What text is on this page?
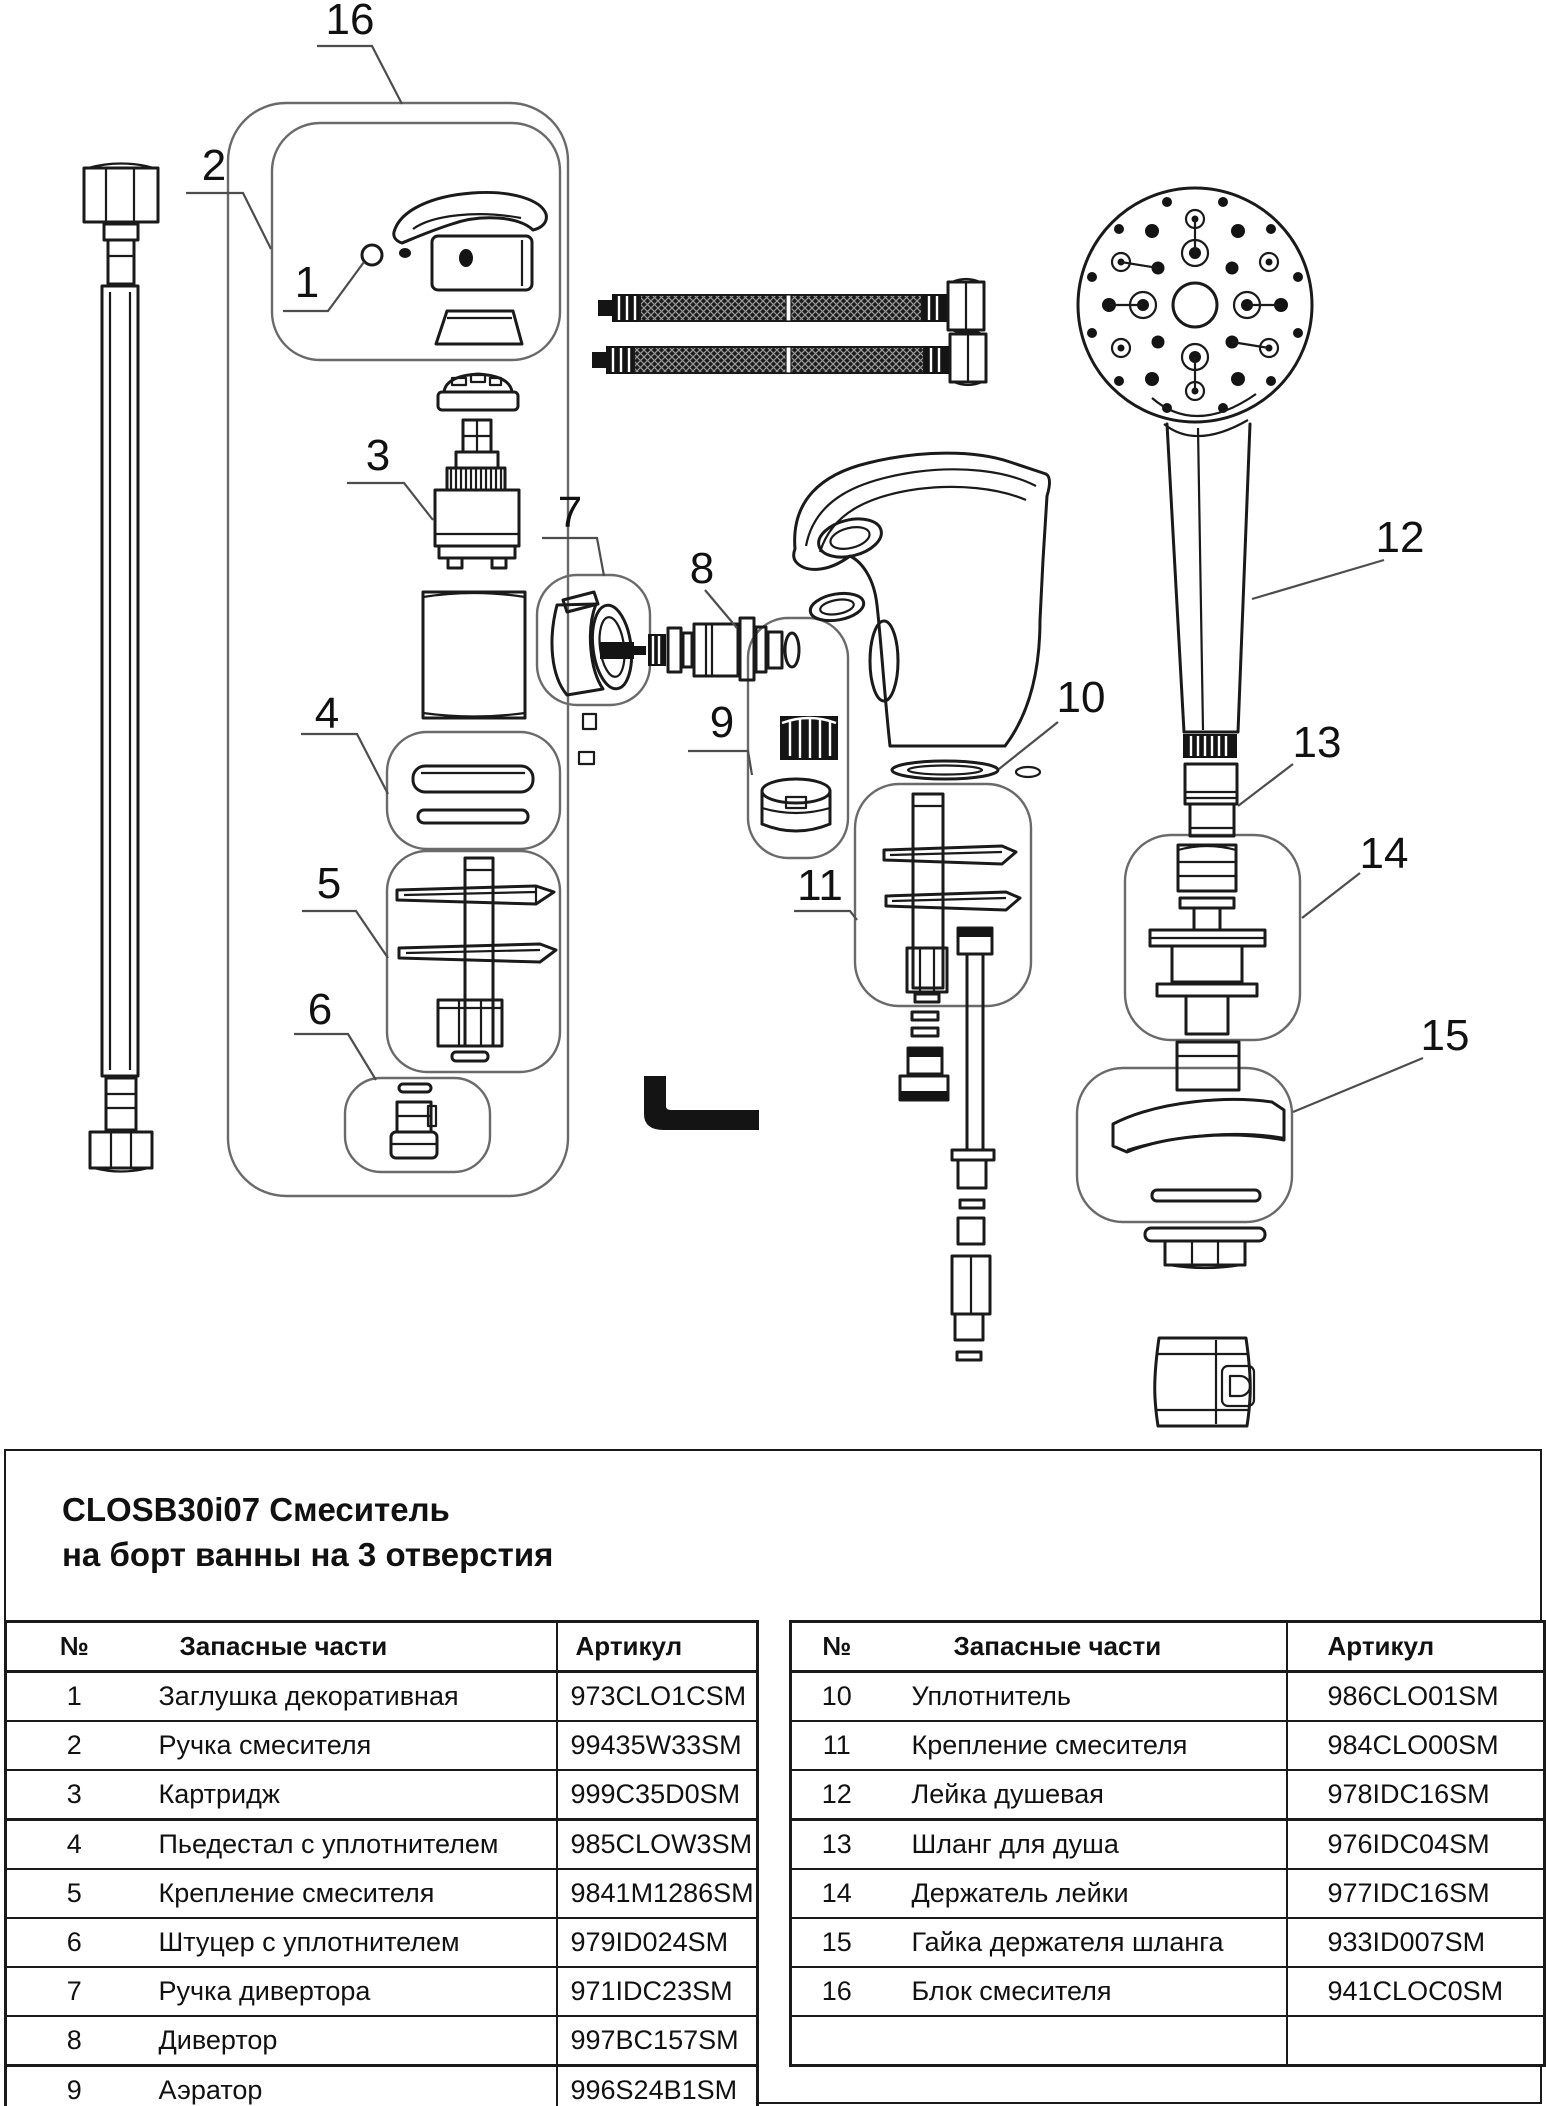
1
2
3
4
5
6
7
8
9
10
11
12
13
14
15
16
CLOSB30i07 Смеситель
на борт ванны на 3 отверстия
№	Запасные части	Артикул
1	Заглушка декоративная	973CLO1CSM
2	Ручка смесителя	99435W33SM
3	Картридж	999C35D0SM
4	Пьедестал с уплотнителем	985CLOW3SM
5	Крепление смесителя	9841M1286SM
6	Штуцер с уплотнителем	979ID024SM
7	Ручка дивертора	971IDC23SM
8	Дивертор	997BC157SM
9	Аэратор	996S24B1SM
№	Запасные части	Артикул
10	Уплотнитель	986CLO01SM
11	Крепление смесителя	984CLO00SM
12	Лейка душевая	978IDC16SM
13	Шланг для душа	976IDC04SM
14	Держатель лейки	977IDC16SM
15	Гайка держателя шланга	933ID007SM
16	Блок смесителя	941CLOC0SM
